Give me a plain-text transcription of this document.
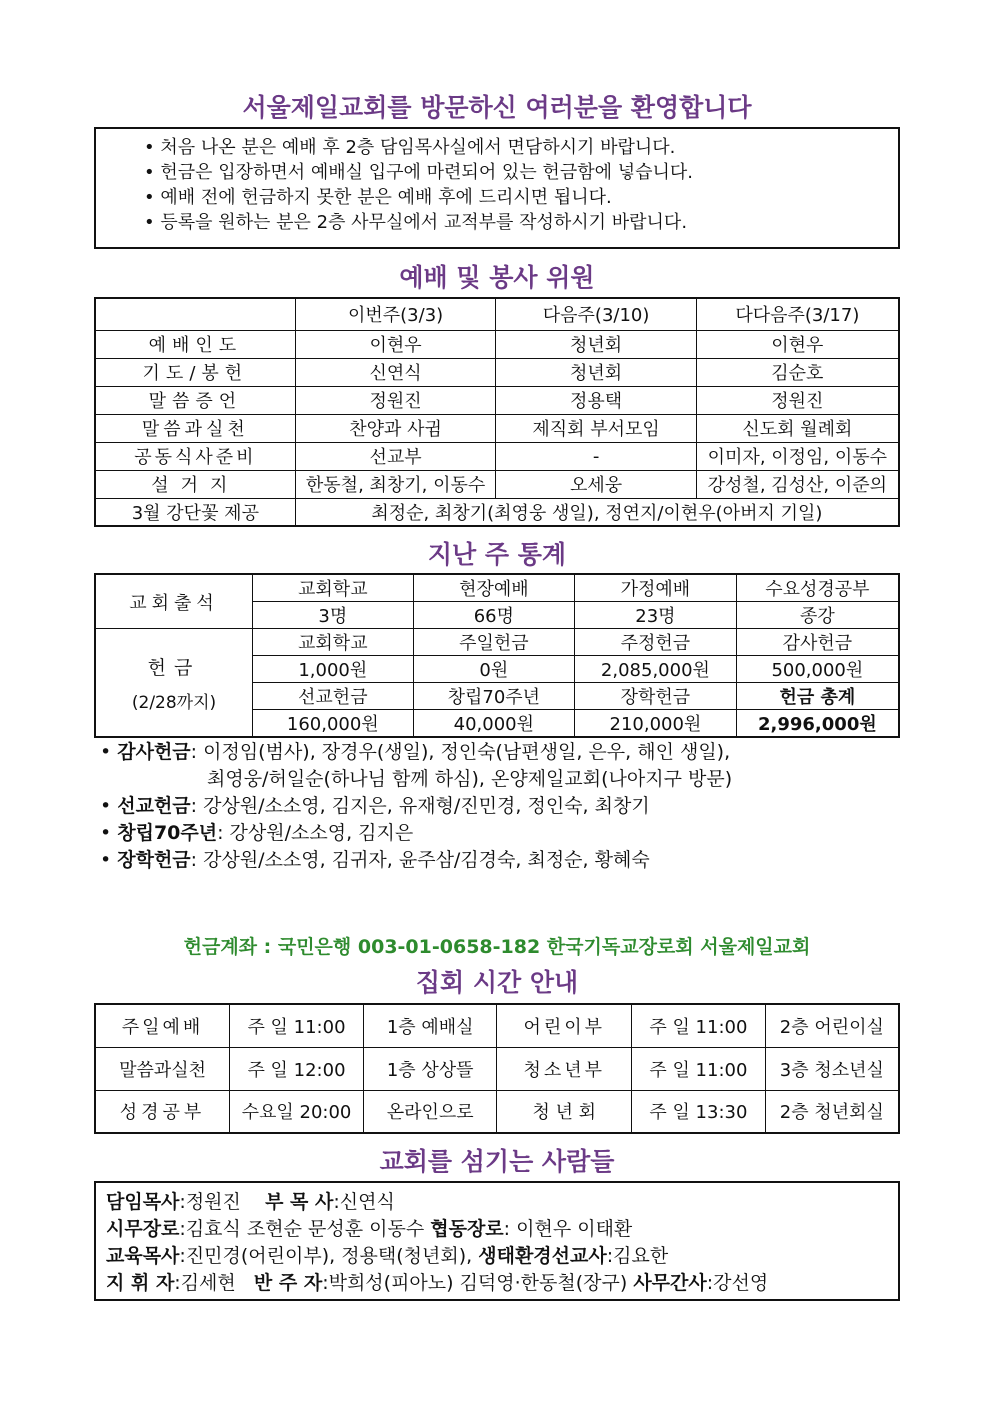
서울제일교회를 방문하신 여러분을 환영합니다
• 처음 나온 분은 예배 후 2층 담임목사실에서 면담하시기 바랍니다.
• 헌금은 입장하면서 예배실 입구에 마련되어 있는 헌금함에 넣습니다.
• 예배 전에 헌금하지 못한 분은 예배 후에 드리시면 됩니다.
• 등록을 원하는 분은 2층 사무실에서 교적부를 작성하시기 바랍니다.
예배 및 봉사 위원
	이번주(3/3)	다음주(3/10)	다다음주(3/17)
예배인도	이현우	청년회	이현우
기도/봉헌	신연식	청년회	김순호
말씀증언	정원진	정용택	정원진
말씀과실천	찬양과 사귐	제직회 부서모임	신도회 월례회
공동식사준비	선교부	-	이미자, 이정임, 이동수
설거지	한동철, 최창기, 이동수	오세웅	강성철, 김성산, 이준의
3월 강단꽃 제공	최정순, 최창기(최영웅 생일), 정연지/이현우(아버지 기일)		
지난 주 통계
교회출석	교회학교	현장예배	가정예배	수요성경공부
	3명	66명	23명	종강

헌금
(2/28까지)	교회학교	주일헌금	주정헌금	감사헌금
	1,000원	0원	2,085,000원	500,000원
	선교헌금	창립70주년	장학헌금	헌금 총계
	160,000원	40,000원	210,000원	2,996,000원
• 감사헌금: 이정임(범사), 장경우(생일), 정인숙(남편생일, 은우, 해인 생일),
최영웅/허일순(하나님 함께 하심), 온양제일교회(나아지구 방문)
• 선교헌금: 강상원/소소영, 김지은, 유재형/진민경, 정인숙, 최창기
• 창립70주년: 강상원/소소영, 김지은
• 장학헌금: 강상원/소소영, 김귀자, 윤주삼/김경숙, 최정순, 황혜숙
헌금계좌 : 국민은행 003-01-0658-182 한국기독교장로회 서울제일교회
집회 시간 안내
주일예배	주 일 11:00	1층 예배실	어린이부	주 일 11:00	2층 어린이실
말씀과실천	주 일 12:00	1층 상상뜰	청소년부	주 일 11:00	3층 청소년실
성경공부	수요일 20:00	온라인으로	청 년 회	주 일 13:30	2층 청년회실
교회를 섬기는 사람들
담임목사:정원진 부 목 사:신연식
시무장로:김효식 조현순 문성훈 이동수 협동장로: 이현우 이태환
교육목사:진민경(어린이부), 정용택(청년회), 생태환경선교사:김요한
지 휘 자:김세현 반 주 자:박희성(피아노) 김덕영·한동철(장구) 사무간사:강선영
